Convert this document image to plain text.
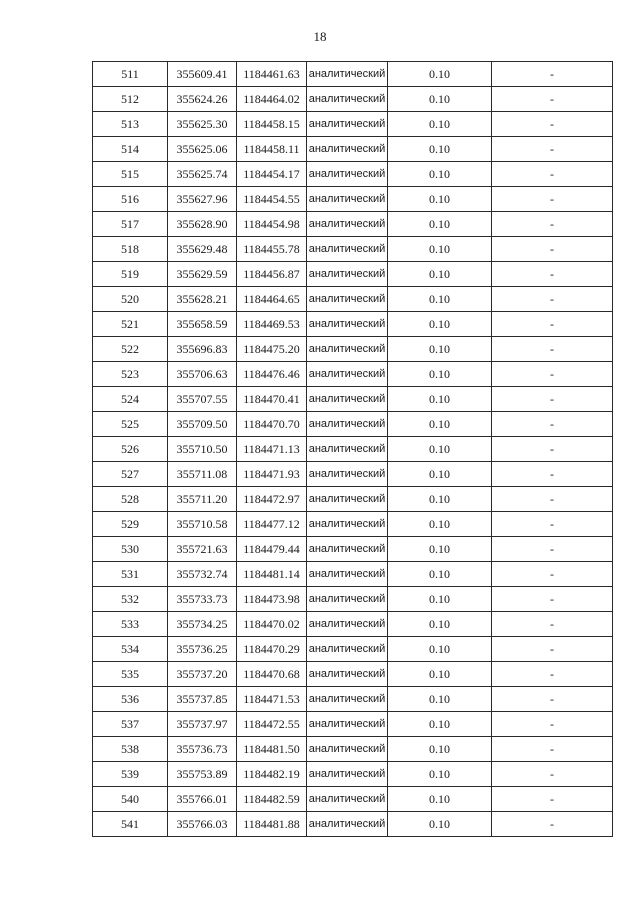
18
511	355609.41	1184461.63	аналитический	0.10	-
512	355624.26	1184464.02	аналитический	0.10	-
513	355625.30	1184458.15	аналитический	0.10	-
514	355625.06	1184458.11	аналитический	0.10	-
515	355625.74	1184454.17	аналитический	0.10	-
516	355627.96	1184454.55	аналитический	0.10	-
517	355628.90	1184454.98	аналитический	0.10	-
518	355629.48	1184455.78	аналитический	0.10	-
519	355629.59	1184456.87	аналитический	0.10	-
520	355628.21	1184464.65	аналитический	0.10	-
521	355658.59	1184469.53	аналитический	0.10	-
522	355696.83	1184475.20	аналитический	0.10	-
523	355706.63	1184476.46	аналитический	0.10	-
524	355707.55	1184470.41	аналитический	0.10	-
525	355709.50	1184470.70	аналитический	0.10	-
526	355710.50	1184471.13	аналитический	0.10	-
527	355711.08	1184471.93	аналитический	0.10	-
528	355711.20	1184472.97	аналитический	0.10	-
529	355710.58	1184477.12	аналитический	0.10	-
530	355721.63	1184479.44	аналитический	0.10	-
531	355732.74	1184481.14	аналитический	0.10	-
532	355733.73	1184473.98	аналитический	0.10	-
533	355734.25	1184470.02	аналитический	0.10	-
534	355736.25	1184470.29	аналитический	0.10	-
535	355737.20	1184470.68	аналитический	0.10	-
536	355737.85	1184471.53	аналитический	0.10	-
537	355737.97	1184472.55	аналитический	0.10	-
538	355736.73	1184481.50	аналитический	0.10	-
539	355753.89	1184482.19	аналитический	0.10	-
540	355766.01	1184482.59	аналитический	0.10	-
541	355766.03	1184481.88	аналитический	0.10	-
